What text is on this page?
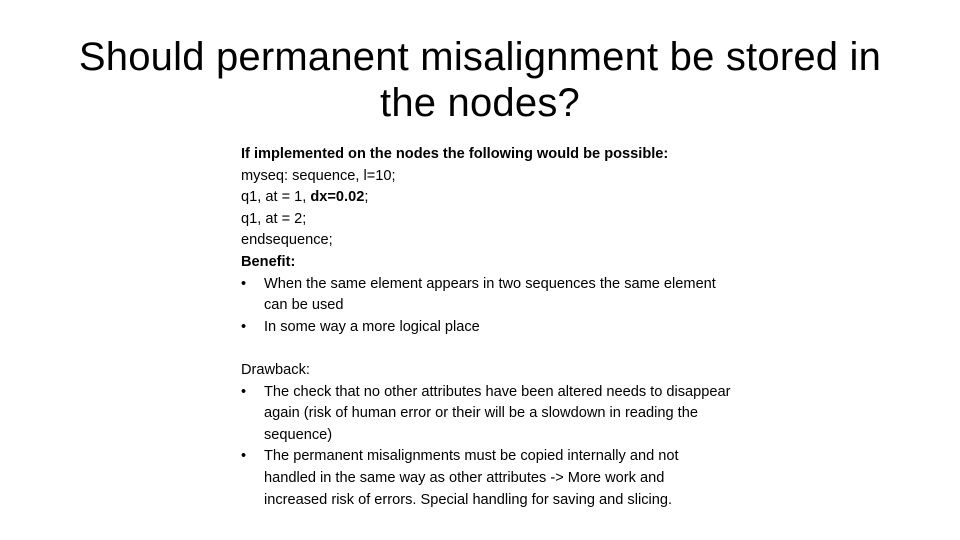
Should permanent misalignment be stored in
the nodes?
If implemented on the nodes the following would be possible:
myseq: sequence, l=10;
q1, at = 1, dx=0.02;
q1, at = 2;
endsequence;
Benefit:
• When the same element appears in two sequences the same element can be used
• In some way a more logical place
Drawback:
• The check that no other attributes have been altered needs to disappear again (risk of human error or their will be a slowdown in reading the sequence)
• The permanent misalignments must be copied internally and not handled in the same way as other attributes -> More work and increased risk of errors. Special handling for saving and slicing.
